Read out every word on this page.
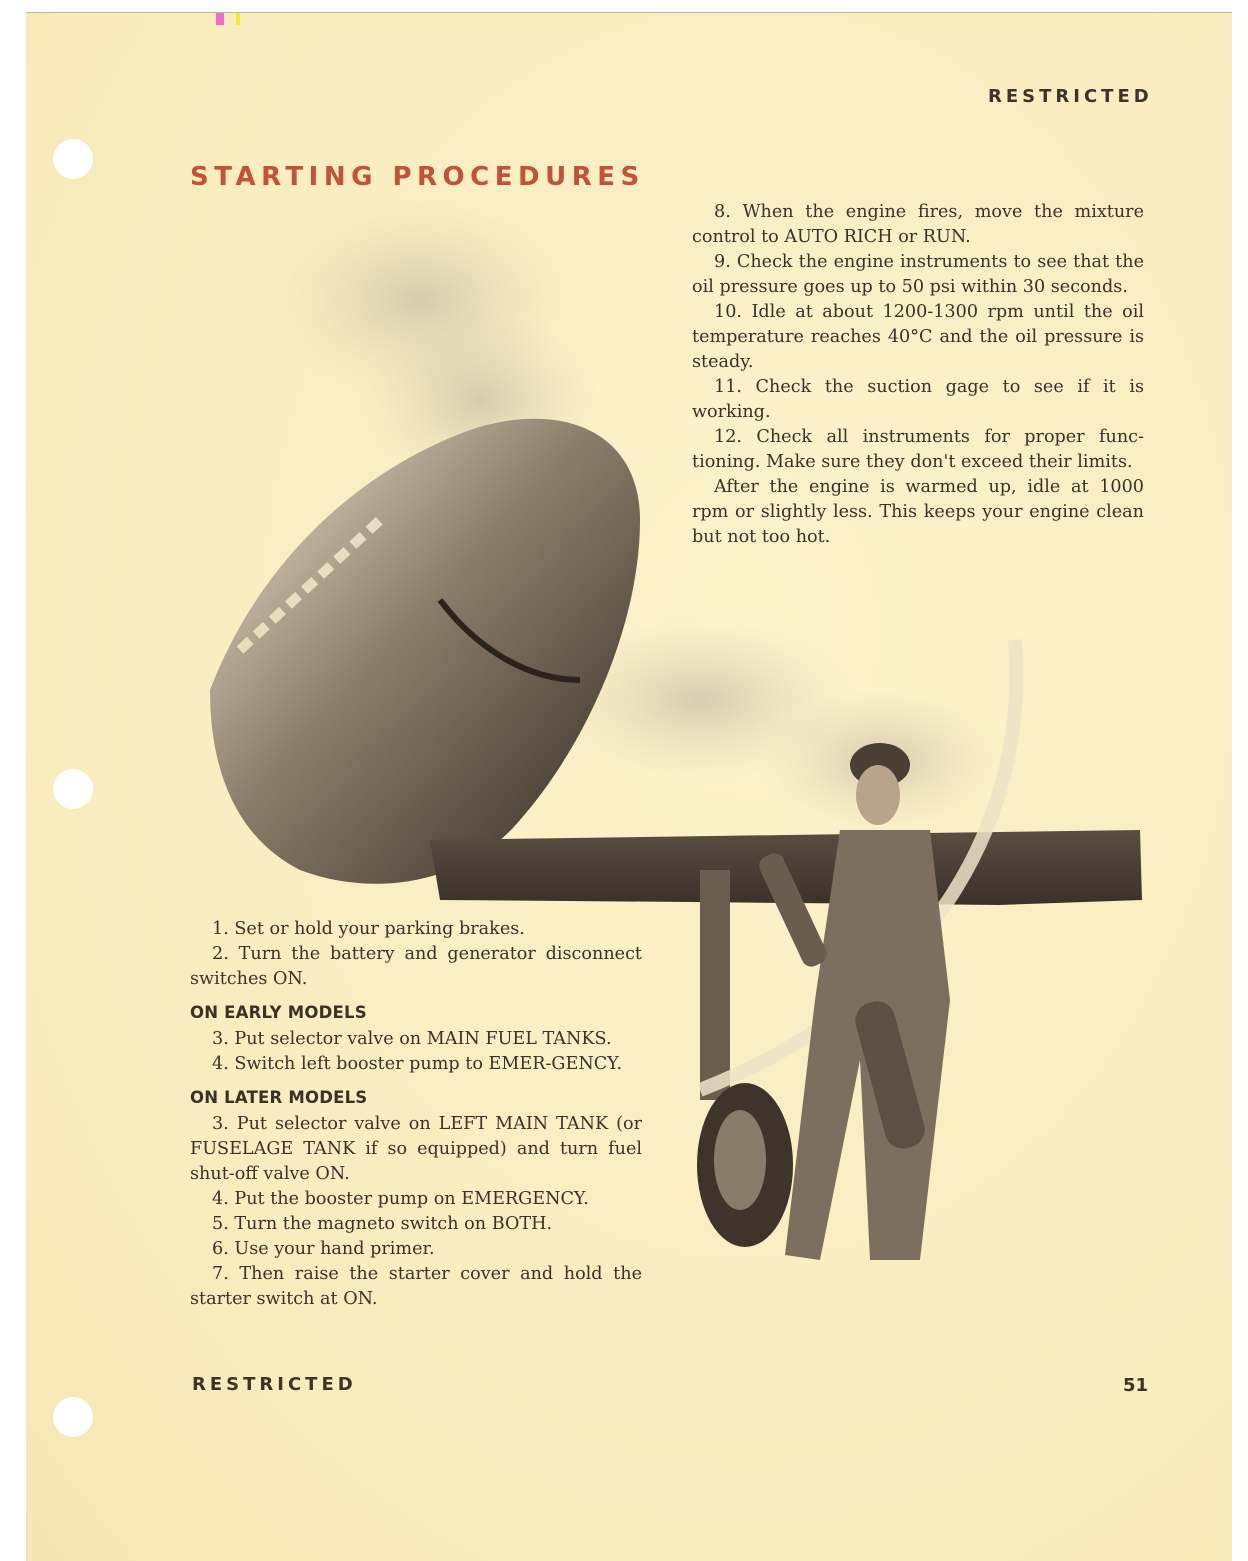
RESTRICTED
STARTING PROCEDURES

8. When the engine fires, move the mixture control to AUTO RICH or RUN.

9. Check the engine instruments to see that the oil pressure goes up to 50 psi within 30 seconds.

10. Idle at about 1200-1300 rpm until the oil temperature reaches 40°C and the oil pressure is steady.

11. Check the suction gage to see if it is working.

12. Check all instruments for proper func-tioning. Make sure they don't exceed their limits.

After the engine is warmed up, idle at 1000 rpm or slightly less. This keeps your engine clean but not too hot.

1. Set or hold your parking brakes.

2. Turn the battery and generator disconnect switches ON.

ON EARLY MODELS

3. Put selector valve on MAIN FUEL TANKS.

4. Switch left booster pump to EMER-GENCY.

ON LATER MODELS

3. Put selector valve on LEFT MAIN TANK (or FUSELAGE TANK if so equipped) and turn fuel shut-off valve ON.

4. Put the booster pump on EMERGENCY.

5. Turn the magneto switch on BOTH.

6. Use your hand primer.

7. Then raise the starter cover and hold the starter switch at ON.

RESTRICTED	51
